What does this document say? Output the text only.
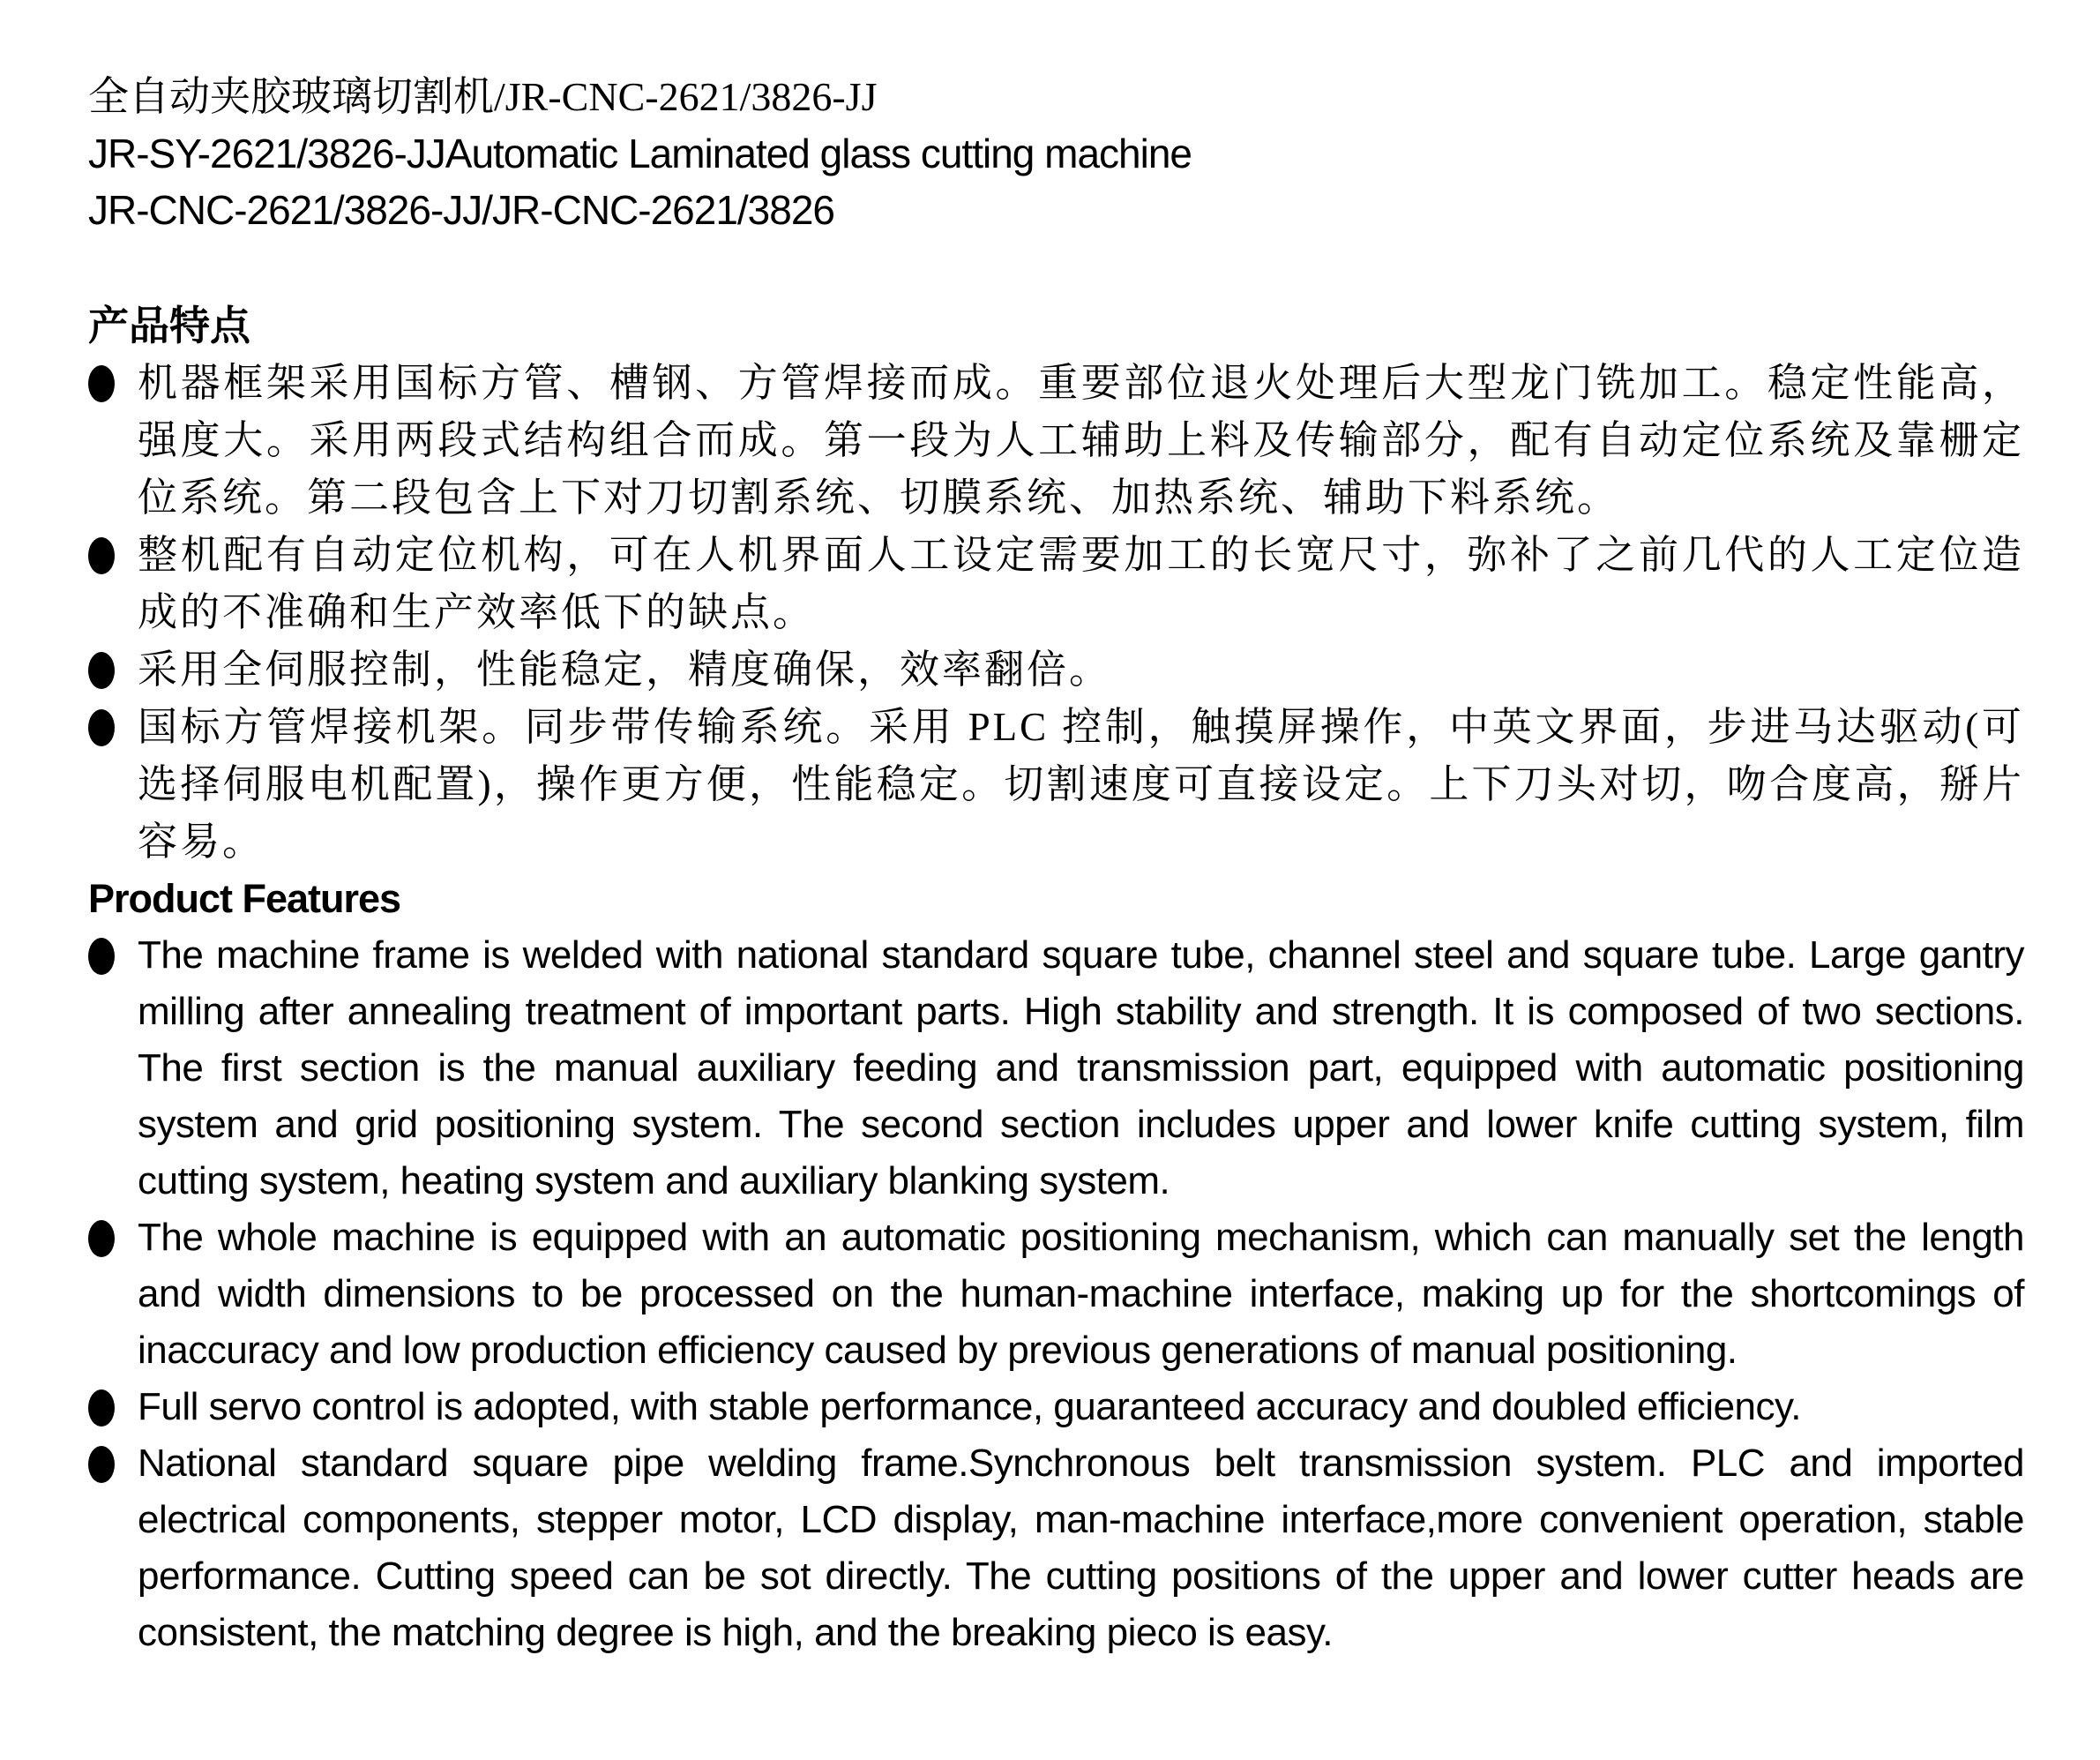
全自动夹胶玻璃切割机/JR-CNC-2621/3826-JJ

JR-SY-2621/3826-JJAutomatic Laminated glass cutting machine

JR-CNC-2621/3826-JJ/JR-CNC-2621/3826

产品特点
机器框架采用国标方管、槽钢、方管焊接而成。重要部位退火处理后大型龙门铣加工。稳定性能高，强度大。采用两段式结构组合而成。第一段为人工辅助上料及传输部分，配有自动定位系统及靠栅定位系统。第二段包含上下对刀切割系统、切膜系统、加热系统、辅助下料系统。
整机配有自动定位机构，可在人机界面人工设定需要加工的长宽尺寸，弥补了之前几代的人工定位造成的不准确和生产效率低下的缺点。
采用全伺服控制，性能稳定，精度确保，效率翻倍。
国标方管焊接机架。同步带传输系统。采用 PLC 控制，触摸屏操作，中英文界面，步进马达驱动(可选择伺服电机配置)，操作更方便，性能稳定。切割速度可直接设定。上下刀头对切，吻合度高，掰片容易。
Product Features
The machine frame is welded with national standard square tube, channel steel and square tube. Large gantry milling after annealing treatment of important parts. High stability and strength. It is composed of two sections. The first section is the manual auxiliary feeding and transmission part, equipped with automatic positioning system and grid positioning system. The second section includes upper and lower knife cutting system, film cutting system, heating system and auxiliary blanking system.
The whole machine is equipped with an automatic positioning mechanism, which can manually set the length and width dimensions to be processed on the human-machine interface, making up for the shortcomings of inaccuracy and low production efficiency caused by previous generations of manual positioning.
Full servo control is adopted, with stable performance, guaranteed accuracy and doubled efficiency.
National standard square pipe welding frame.Synchronous belt transmission system. PLC and imported electrical components, stepper motor, LCD display, man-machine interface,more convenient operation, stable performance. Cutting speed can be sot directly. The cutting positions of the upper and lower cutter heads are consistent, the matching degree is high, and the breaking pieco is easy.
